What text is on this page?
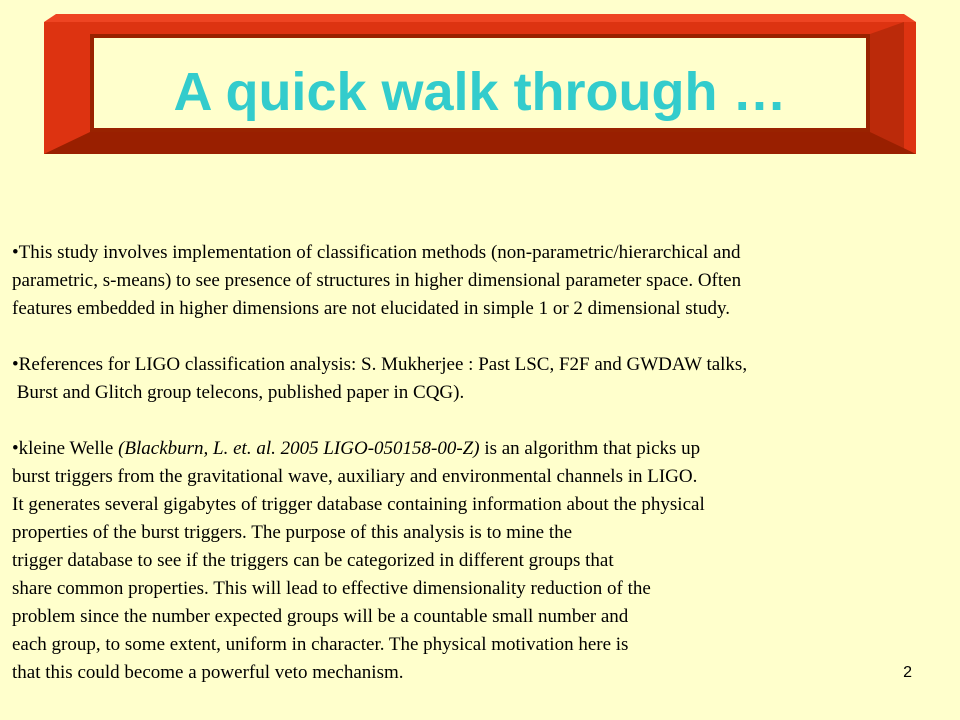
A quick walk through …

•This study involves implementation of classification methods (non-parametric/hierarchical and
parametric, s-means) to see presence of structures in higher dimensional parameter space. Often
features embedded in higher dimensions are not elucidated in simple 1 or 2 dimensional study.

•References for LIGO classification analysis: S. Mukherjee : Past LSC, F2F and GWDAW talks,
Burst and Glitch group telecons, published paper in CQG).

•kleine Welle (Blackburn, L. et. al. 2005 LIGO-050158-00-Z) is an algorithm that picks up
burst triggers from the gravitational wave, auxiliary and environmental channels in LIGO.
It generates several gigabytes of trigger database containing information about the physical
properties of the burst triggers. The purpose of this analysis is to mine the
trigger database to see if the triggers can be categorized in different groups that
share common properties. This will lead to effective dimensionality reduction of the
problem since the number expected groups will be a countable small number and
each group, to some extent, uniform in character. The physical motivation here is
that this could become a powerful veto mechanism.	2
